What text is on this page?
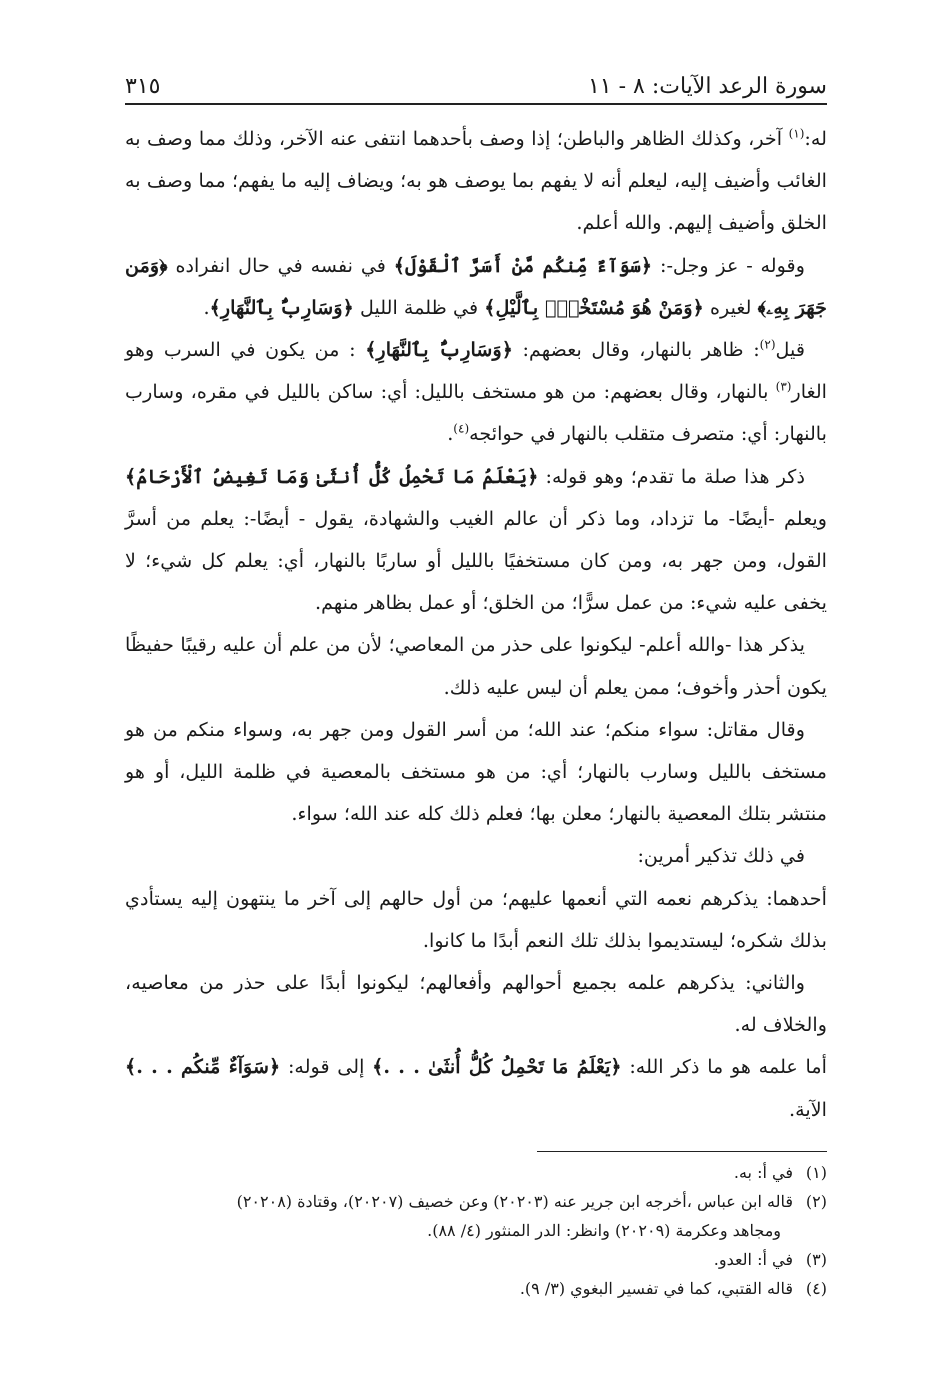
سورة الرعد الآيات: ٨ - ١١
٣١٥

له:$^{(١)}$ آخر، وكذلك الظاهر والباطن؛ إذا وصف بأحدهما انتفى عنه الآخر، وذلك مما وصف به الغائب وأضيف إليه، ليعلم أنه لا يفهم بما يوصف هو به؛ ويضاف إليه ما يفهم؛ مما وصف به الخلق وأضيف إليهم. والله أعلم.

وقوله - عز وجل-: ﴿سَوَآءٌ مِّنكُم مَّنْ أَسَرَّ ٱلْقَوْلَ﴾ في نفسه في حال انفراده ﴿وَمَن جَهَرَ بِهِۦ﴾ لغيره ﴿وَمَنْ هُوَ مُسْتَخْفٍۭ بِٱلَّيْلِ﴾ في ظلمة الليل ﴿وَسَارِبٌۢ بِٱلنَّهَارِ﴾.

قيل$^{(٢)}$: ظاهر بالنهار، وقال بعضهم: ﴿وَسَارِبٌۢ بِٱلنَّهَارِ﴾ : من يكون في السرب وهو الغار$^{(٣)}$ بالنهار، وقال بعضهم: من هو مستخف بالليل: أي: ساكن بالليل في مقره، وسارب بالنهار: أي: متصرف متقلب بالنهار في حوائجه$^{(٤)}$.

ذكر هذا صلة ما تقدم؛ وهو قوله: ﴿يَعْلَمُ مَا تَحْمِلُ كُلُّ أُنثَىٰ وَمَا تَغِيضُ ٱلْأَرْحَامُ﴾ ويعلم -أيضًا- ما تزداد، وما ذكر أن عالم الغيب والشهادة، يقول - أيضًا-: يعلم من أسرَّ القول، ومن جهر به، ومن كان مستخفيًا بالليل أو ساربًا بالنهار، أي: يعلم كل شيء؛ لا يخفى عليه شيء: من عمل سرًّا؛ من الخلق؛ أو عمل بظاهر منهم.

يذكر هذا -والله أعلم- ليكونوا على حذر من المعاصي؛ لأن من علم أن عليه رقيبًا حفيظًا يكون أحذر وأخوف؛ ممن يعلم أن ليس عليه ذلك.

وقال مقاتل: سواء منكم؛ عند الله؛ من أسر القول ومن جهر به، وسواء منكم من هو مستخف بالليل وسارب بالنهار؛ أي: من هو مستخف بالمعصية في ظلمة الليل، أو هو منتشر بتلك المعصية بالنهار؛ معلن بها؛ فعلم ذلك كله عند الله؛ سواء.

في ذلك تذكير أمرين:

أحدهما: يذكرهم نعمه التي أنعمها عليهم؛ من أول حالهم إلى آخر ما ينتهون إليه يستأدي بذلك شكره؛ ليستديموا بذلك تلك النعم أبدًا ما كانوا.

والثاني: يذكرهم علمه بجميع أحوالهم وأفعالهم؛ ليكونوا أبدًا على حذر من معاصيه، والخلاف له.

أما علمه هو ما ذكر الله: ﴿يَعْلَمُ مَا تَحْمِلُ كُلُّ أُنثَىٰ . . .﴾ إلى قوله: ﴿سَوَآءٌ مِّنكُم . . .﴾ الآية.

(١)في أ: به.

(٢)قاله ابن عباس ،أخرجه ابن جرير عنه (٢٠٢٠٣) وعن خصيف (٢٠٢٠٧)، وقتادة (٢٠٢٠٨)

ومجاهد وعكرمة (٢٠٢٠٩) وانظر: الدر المنثور (٤/ ٨٨).

(٣)في أ: العدو.

(٤)قاله القتبي، كما في تفسير البغوي (٣/ ٩).
